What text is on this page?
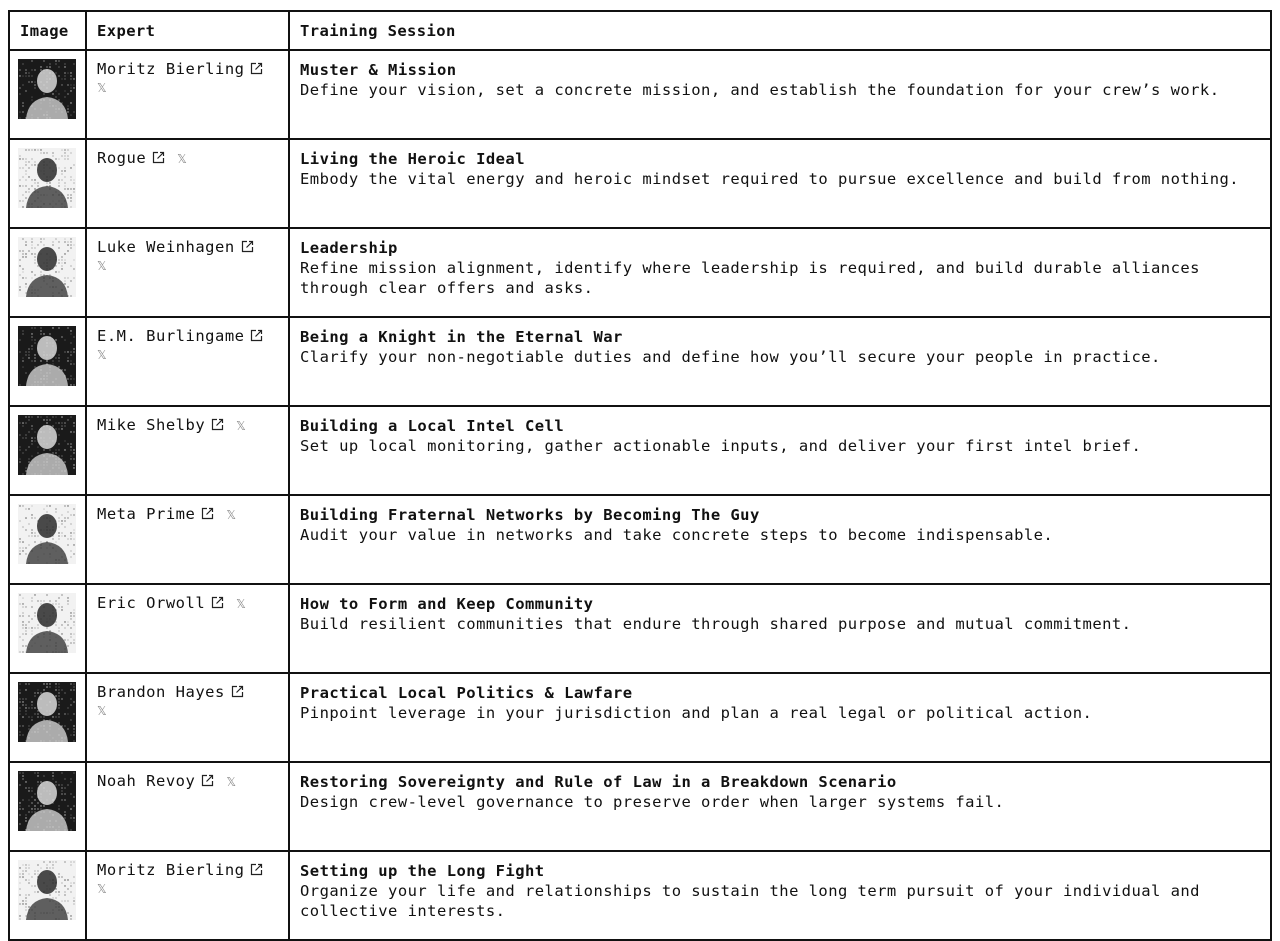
Image	Expert	Training Session

	Moritz Bierling
𝕏	Muster & Mission
Define your vision, set a concrete mission, and establish the foundation for your crew’s work.

	Rogue 𝕏	Living the Heroic Ideal
Embody the vital energy and heroic mindset required to pursue excellence and build from nothing.

	Luke Weinhagen
𝕏	Leadership
Refine mission alignment, identify where leadership is required, and build durable alliances through clear offers and asks.

	E.M. Burlingame
𝕏	Being a Knight in the Eternal War
Clarify your non-negotiable duties and define how you’ll secure your people in practice.

	Mike Shelby 𝕏	Building a Local Intel Cell
Set up local monitoring, gather actionable inputs, and deliver your first intel brief.

	Meta Prime 𝕏	Building Fraternal Networks by Becoming The Guy
Audit your value in networks and take concrete steps to become indispensable.

	Eric Orwoll 𝕏	How to Form and Keep Community
Build resilient communities that endure through shared purpose and mutual commitment.

	Brandon Hayes
𝕏	Practical Local Politics & Lawfare
Pinpoint leverage in your jurisdiction and plan a real legal or political action.

	Noah Revoy 𝕏	Restoring Sovereignty and Rule of Law in a Breakdown Scenario
Design crew-level governance to preserve order when larger systems fail.

	Moritz Bierling
𝕏	Setting up the Long Fight
Organize your life and relationships to sustain the long term pursuit of your individual and collective interests.
